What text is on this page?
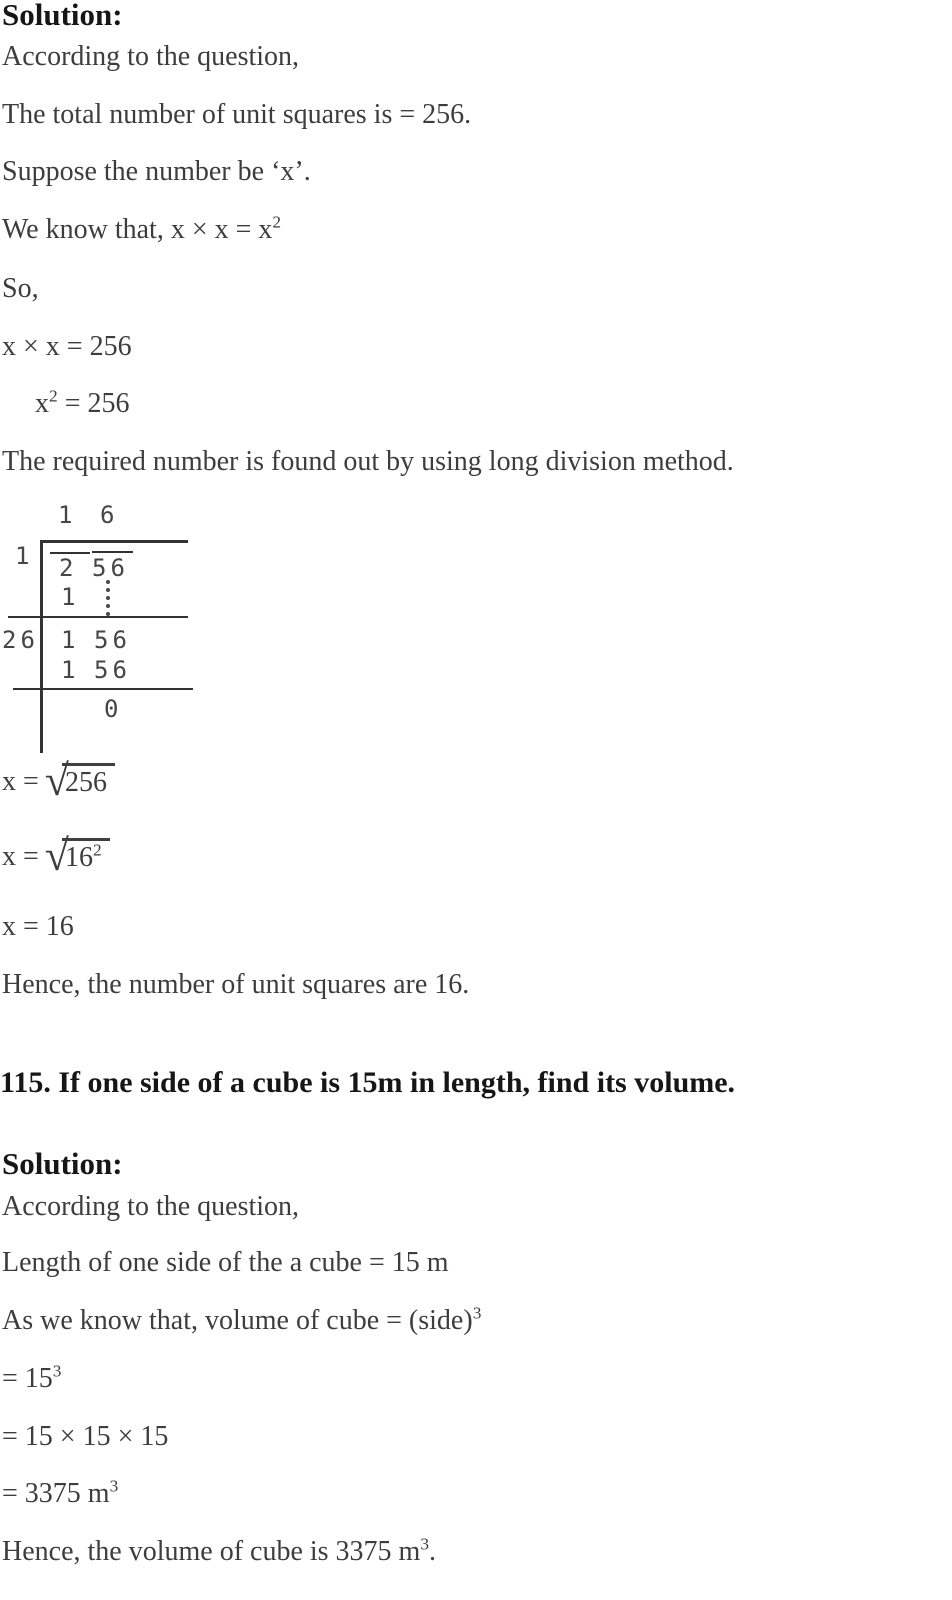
Solution:
According to the question,
The total number of unit squares is = 256.
Suppose the number be ‘x’.
We know that, $x \times x = x^2$
So,
x × x = 256
$x^2 = 256$
The required number is found out by using long division method.
1 6
1 2 56
1
26 1 56
1 56
0
x = √
256
x = √
$16^2$
x = 16
Hence, the number of unit squares are 16.
115. If one side of a cube is 15m in length, find its volume.
Solution:
According to the question,
Length of one side of the a cube = 15 m
As we know that, volume of cube = (side)$^3$
= $15^3$
= 15 × 15 × 15
= 3375 $m^3$
Hence, the volume of cube is 3375 $m^3$.
